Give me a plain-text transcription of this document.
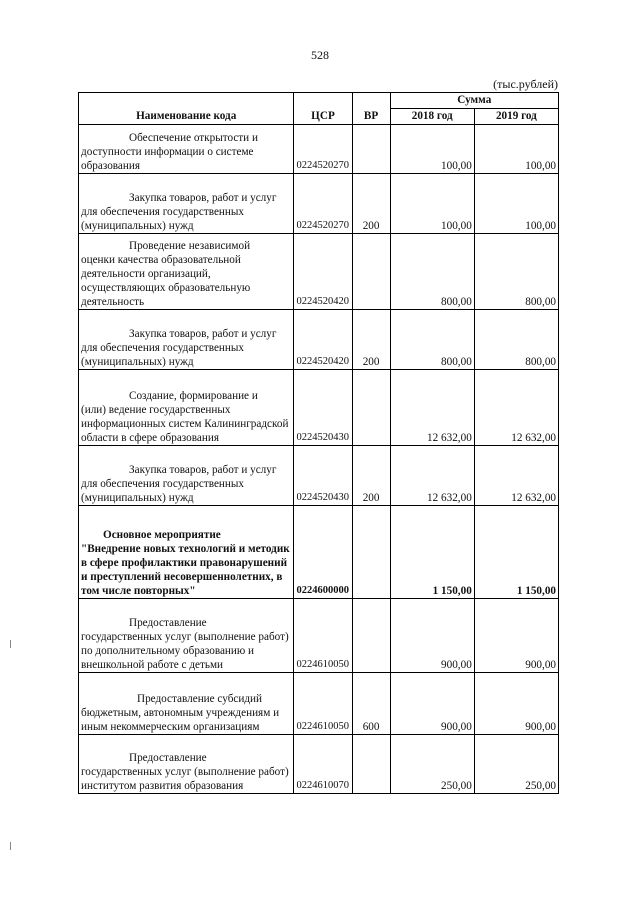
528
(тыс.рублей)
Наименование кода	ЦСР	ВР	Сумма	
			2018 год	2019 год

Обеспечение открытости и
доступности информации о системе образования	0224520270		100,00	100,00

Закупка товаров, работ и услуг
для обеспечения государственных (муниципальных) нужд	0224520270	200	100,00	100,00

Проведение независимой
оценки качества образовательной деятельности организаций, осуществляющих образовательную деятельность	0224520420		800,00	800,00

Закупка товаров, работ и услуг
для обеспечения государственных (муниципальных) нужд	0224520420	200	800,00	800,00

Создание, формирование и
(или) ведение государственных информационных систем Калининградской области в сфере образования	0224520430		12 632,00	12 632,00

Закупка товаров, работ и услуг
для обеспечения государственных (муниципальных) нужд	0224520430	200	12 632,00	12 632,00

Основное мероприятие
"Внедрение новых технологий и методик в сфере профилактики правонарушений и преступлений несовершеннолетних, в том числе повторных"	0224600000		1 150,00	1 150,00

Предоставление
государственных услуг (выполнение работ) по дополнительному образованию и внешкольной работе с детьми	0224610050		900,00	900,00

Предоставление субсидий
бюджетным, автономным учреждениям и иным некоммерческим организациям	0224610050	600	900,00	900,00

Предоставление
государственных услуг (выполнение работ) институтом развития образования	0224610070		250,00	250,00
